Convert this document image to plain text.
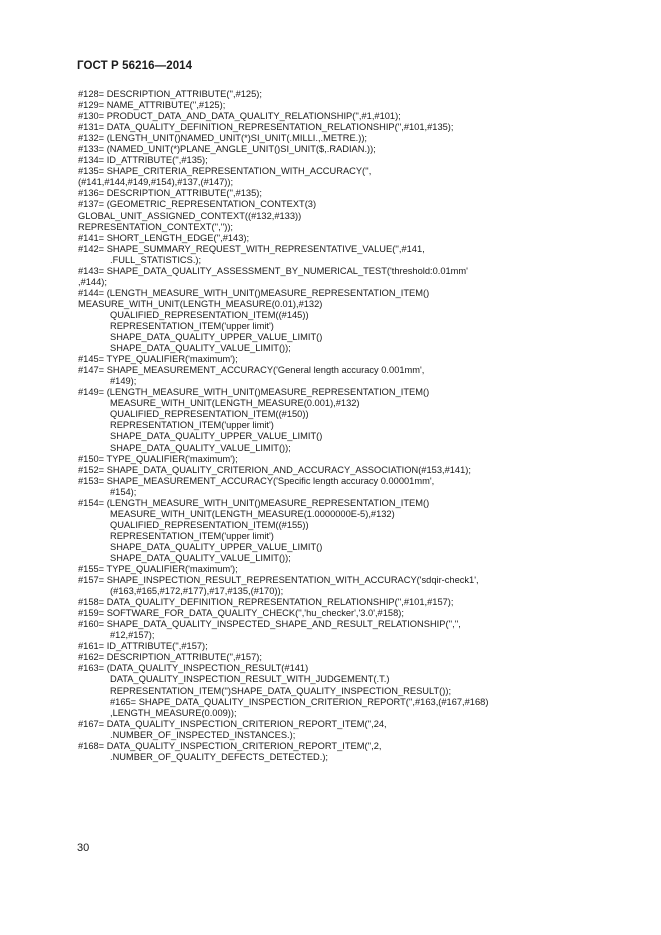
ГОСТ Р 56216—2014
#128= DESCRIPTION_ATTRIBUTE('',#125);
#129= NAME_ATTRIBUTE('',#125);
#130= PRODUCT_DATA_AND_DATA_QUALITY_RELATIONSHIP('',#1,#101);
#131= DATA_QUALITY_DEFINITION_REPRESENTATION_RELATIONSHIP('',#101,#135);
#132= (LENGTH_UNIT()NAMED_UNIT(*)SI_UNIT(.MILLI.,.METRE.));
#133= (NAMED_UNIT(*)PLANE_ANGLE_UNIT()SI_UNIT($,.RADIAN.));
#134= ID_ATTRIBUTE('',#135);
#135= SHAPE_CRITERIA_REPRESENTATION_WITH_ACCURACY('',
(#141,#144,#149,#154),#137,(#147));
#136= DESCRIPTION_ATTRIBUTE('',#135);
#137= (GEOMETRIC_REPRESENTATION_CONTEXT(3)
GLOBAL_UNIT_ASSIGNED_CONTEXT((#132,#133))
REPRESENTATION_CONTEXT('',''));
#141= SHORT_LENGTH_EDGE('',#143);
#142= SHAPE_SUMMARY_REQUEST_WITH_REPRESENTATIVE_VALUE('',#141,
.FULL_STATISTICS.);
#143= SHAPE_DATA_QUALITY_ASSESSMENT_BY_NUMERICAL_TEST('threshold:0.01mm'
,#144);
#144= (LENGTH_MEASURE_WITH_UNIT()MEASURE_REPRESENTATION_ITEM()
MEASURE_WITH_UNIT(LENGTH_MEASURE(0.01),#132)
QUALIFIED_REPRESENTATION_ITEM((#145))
REPRESENTATION_ITEM('upper limit')
SHAPE_DATA_QUALITY_UPPER_VALUE_LIMIT()
SHAPE_DATA_QUALITY_VALUE_LIMIT());
#145= TYPE_QUALIFIER('maximum');
#147= SHAPE_MEASUREMENT_ACCURACY('General length accuracy 0.001mm',
#149);
#149= (LENGTH_MEASURE_WITH_UNIT()MEASURE_REPRESENTATION_ITEM()
MEASURE_WITH_UNIT(LENGTH_MEASURE(0.001),#132)
QUALIFIED_REPRESENTATION_ITEM((#150))
REPRESENTATION_ITEM('upper limit')
SHAPE_DATA_QUALITY_UPPER_VALUE_LIMIT()
SHAPE_DATA_QUALITY_VALUE_LIMIT());
#150= TYPE_QUALIFIER('maximum');
#152= SHAPE_DATA_QUALITY_CRITERION_AND_ACCURACY_ASSOCIATION(#153,#141);
#153= SHAPE_MEASUREMENT_ACCURACY('Specific length accuracy 0.00001mm',
#154);
#154= (LENGTH_MEASURE_WITH_UNIT()MEASURE_REPRESENTATION_ITEM()
MEASURE_WITH_UNIT(LENGTH_MEASURE(1.0000000E-5),#132)
QUALIFIED_REPRESENTATION_ITEM((#155))
REPRESENTATION_ITEM('upper limit')
SHAPE_DATA_QUALITY_UPPER_VALUE_LIMIT()
SHAPE_DATA_QUALITY_VALUE_LIMIT());
#155= TYPE_QUALIFIER('maximum');
#157= SHAPE_INSPECTION_RESULT_REPRESENTATION_WITH_ACCURACY('sdqir-check1',
(#163,#165,#172,#177),#17,#135,(#170));
#158= DATA_QUALITY_DEFINITION_REPRESENTATION_RELATIONSHIP('',#101,#157);
#159= SOFTWARE_FOR_DATA_QUALITY_CHECK('','hu_checker','3.0',#158);
#160= SHAPE_DATA_QUALITY_INSPECTED_SHAPE_AND_RESULT_RELATIONSHIP('','',
#12,#157);
#161= ID_ATTRIBUTE('',#157);
#162= DESCRIPTION_ATTRIBUTE('',#157);
#163= (DATA_QUALITY_INSPECTION_RESULT(#141)
DATA_QUALITY_INSPECTION_RESULT_WITH_JUDGEMENT(.T.)
REPRESENTATION_ITEM('')SHAPE_DATA_QUALITY_INSPECTION_RESULT());
#165= SHAPE_DATA_QUALITY_INSPECTION_CRITERION_REPORT('',#163,(#167,#168)
,LENGTH_MEASURE(0.009));
#167= DATA_QUALITY_INSPECTION_CRITERION_REPORT_ITEM('',24,
.NUMBER_OF_INSPECTED_INSTANCES.);
#168= DATA_QUALITY_INSPECTION_CRITERION_REPORT_ITEM('',2,
.NUMBER_OF_QUALITY_DEFECTS_DETECTED.);
30
